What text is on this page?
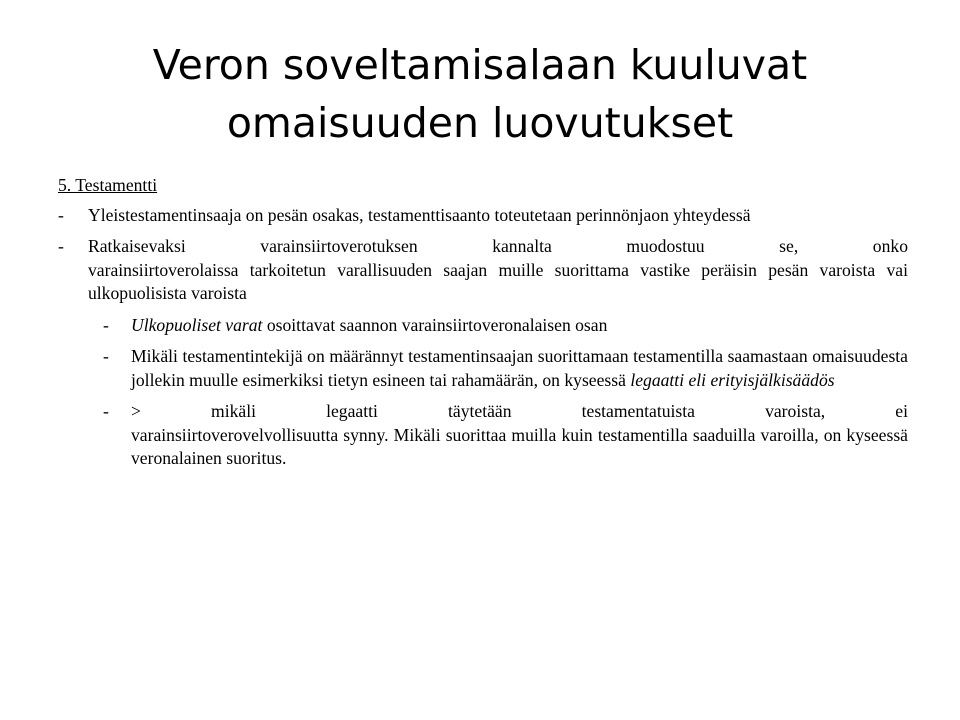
Veron soveltamisalaan kuuluvat
omaisuuden luovutukset
5. Testamentti
-	Yleistestamentinsaaja on pesän osakas, testamenttisaanto toteutetaan perinnönjaon yhteydessä
-	Ratkaisevaksi varainsiirtoverotuksen kannalta muodostuu se, onko
varainsiirtoverolaissa tarkoitetun varallisuuden saajan muille suorittama vastike peräisin pesän varoista vai ulkopuolisista varoista
-	Ulkopuoliset varat osoittavat saannon varainsiirtoveronalaisen osan
-	Mikäli testamentintekijä on määrännyt testamentinsaajan suorittamaan testamentilla saamastaan omaisuudesta jollekin muulle esimerkiksi tietyn esineen tai rahamäärän, on kyseessä legaatti eli erityisjälkisäädös
-	> mikäli legaatti täytetään testamentatuista varoista, ei
varainsiirtoverovelvollisuutta synny. Mikäli suorittaa muilla kuin testamentilla saaduilla varoilla, on kyseessä veronalainen suoritus.
